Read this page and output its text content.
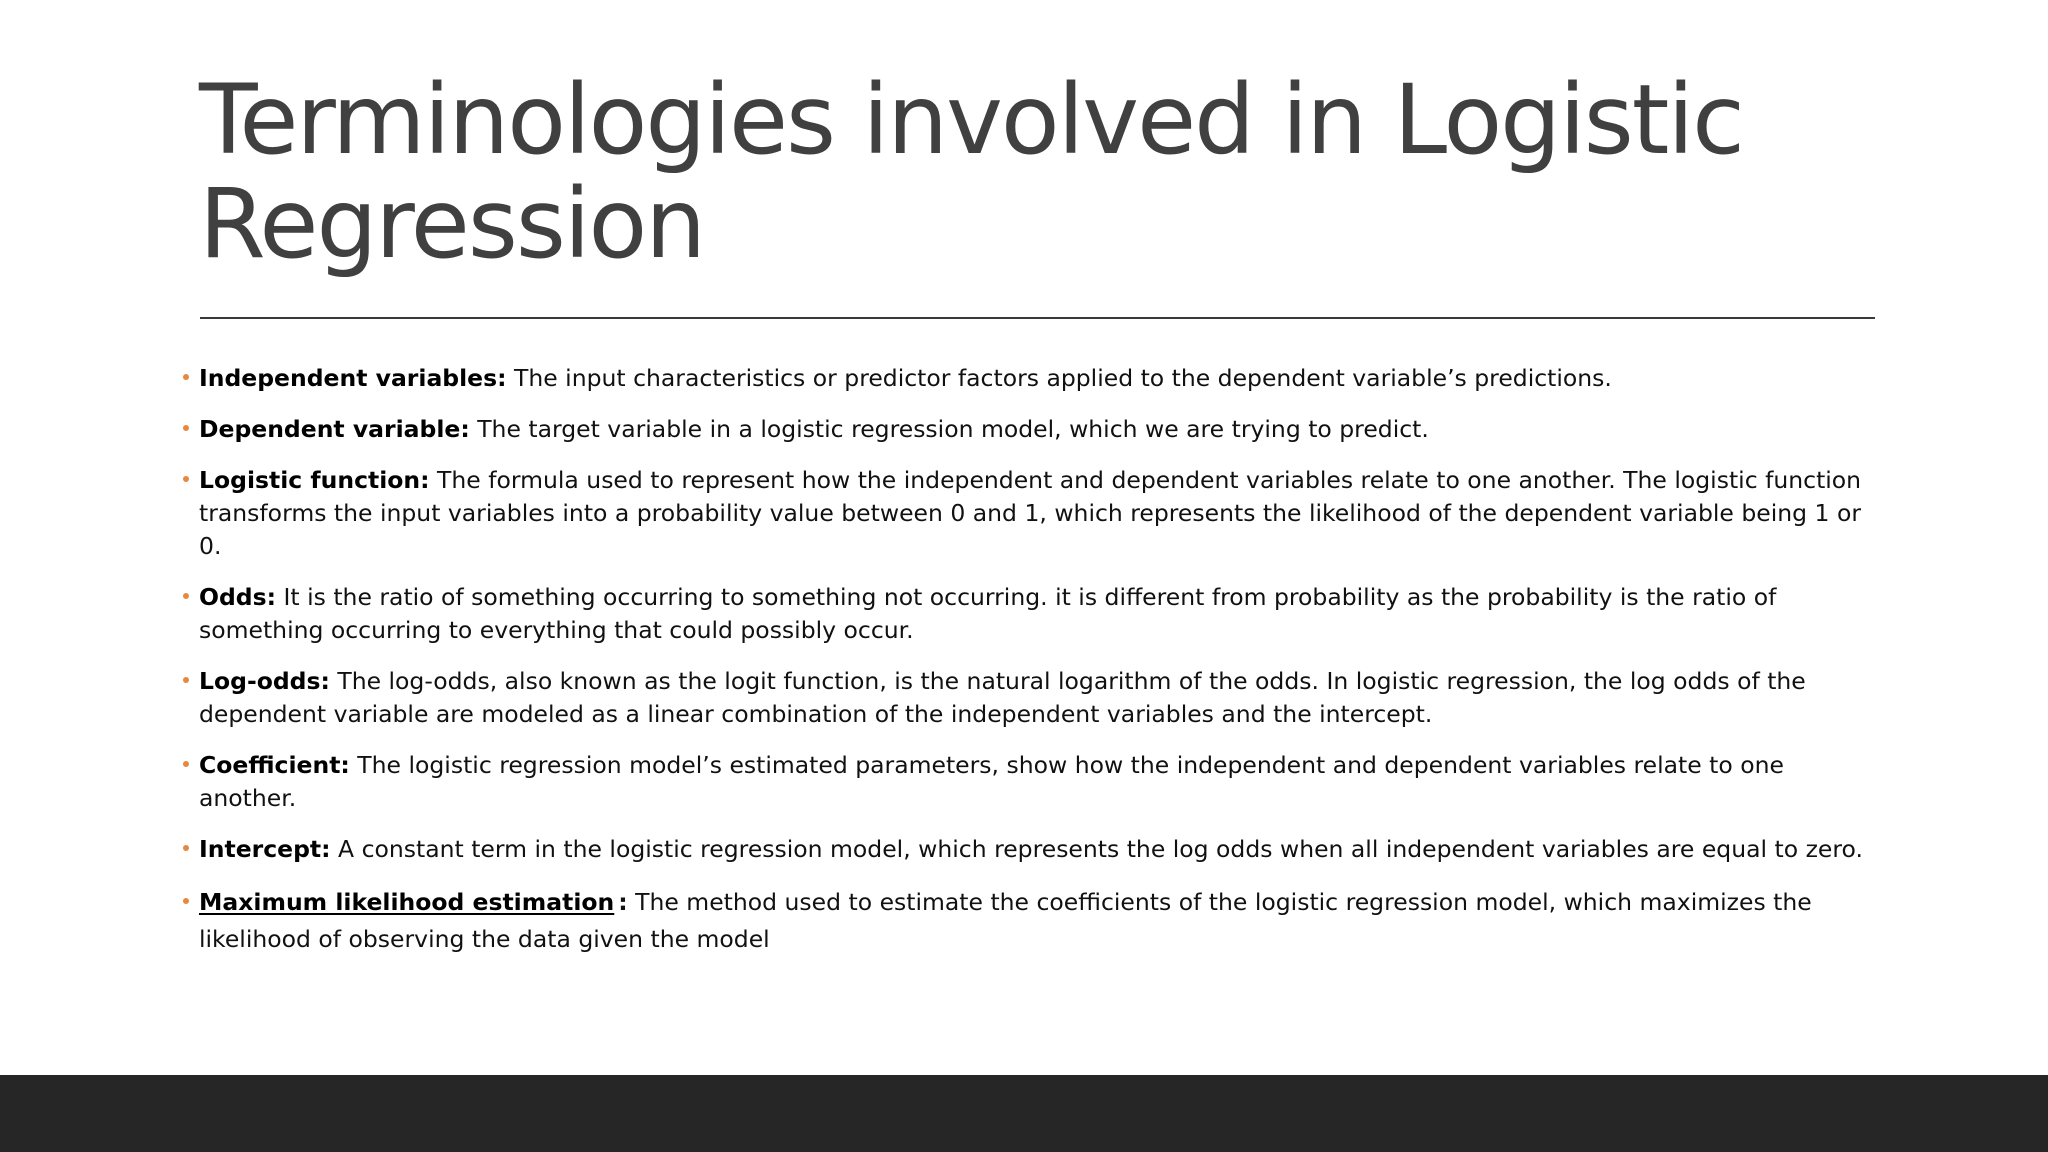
Terminologies involved in Logistic Regression
Independent variables: The input characteristics or predictor factors applied to the dependent variable’s predictions.
Dependent variable: The target variable in a logistic regression model, which we are trying to predict.
Logistic function: The formula used to represent how the independent and dependent variables relate to one another. The logistic function transforms the input variables into a probability value between 0 and 1, which represents the likelihood of the dependent variable being 1 or 0.
Odds: It is the ratio of something occurring to something not occurring. it is different from probability as the probability is the ratio of something occurring to everything that could possibly occur.
Log-odds: The log-odds, also known as the logit function, is the natural logarithm of the odds. In logistic regression, the log odds of the dependent variable are modeled as a linear combination of the independent variables and the intercept.
Coefficient: The logistic regression model’s estimated parameters, show how the independent and dependent variables relate to one another.
Intercept: A constant term in the logistic regression model, which represents the log odds when all independent variables are equal to zero.
Maximum likelihood estimation : The method used to estimate the coefficients of the logistic regression model, which maximizes the likelihood of observing the data given the model
